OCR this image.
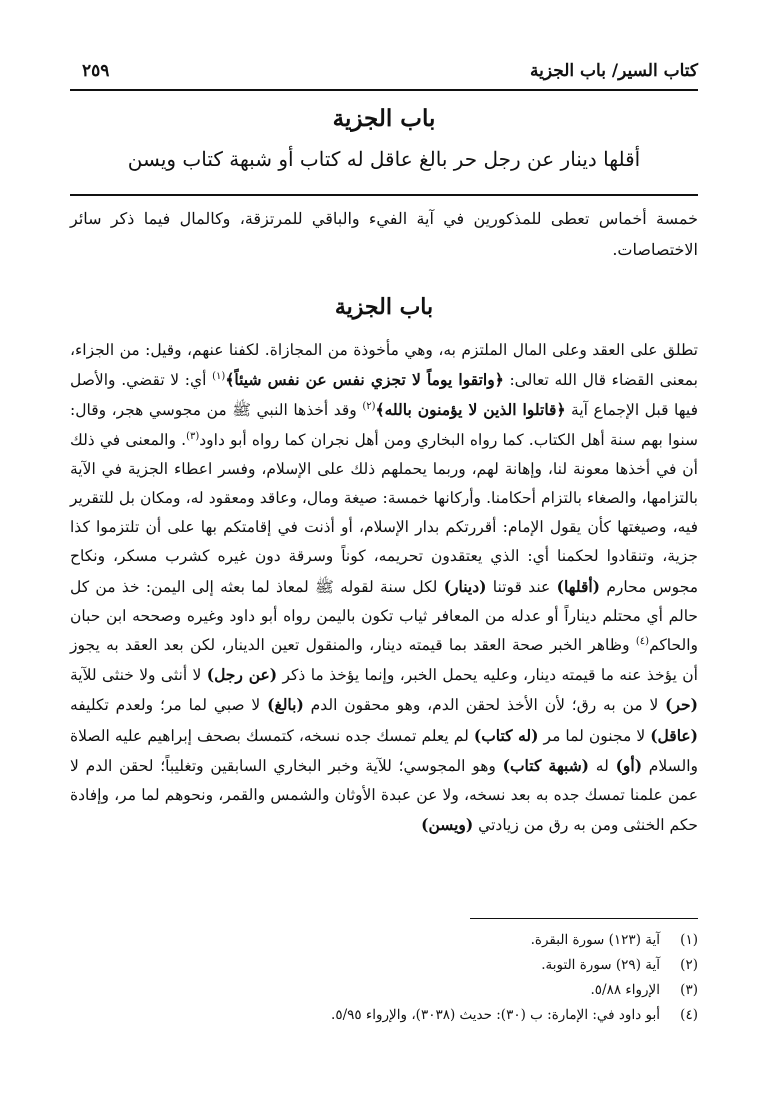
كتاب السير/ باب الجزية
٢٥٩
باب الجزية
أقلها دينار عن رجل حر بالغ عاقل له كتاب أو شبهة كتاب ويسن
خمسة أخماس تعطى للمذكورين في آية الفيء والباقي للمرتزقة، وكالمال فيما ذكر سائر الاختصاصات.
باب الجزية

تطلق على العقد وعلى المال الملتزم به، وهي مأخوذة من المجازاة. لكفنا عنهم، وقيل: من الجزاء، بمعنى القضاء قال الله تعالى: ﴿واتقوا يوماً لا تجزي نفس عن نفس شيئاً﴾$^{(١)}$ أي: لا تقضي. والأصل فيها قبل الإجماع آية ﴿قاتلوا الذين لا يؤمنون بالله﴾$^{(٢)}$ وقد أخذها النبي ﷺ من مجوسي هجر، وقال: سنوا بهم سنة أهل الكتاب. كما رواه البخاري ومن أهل نجران كما رواه أبو داود$^{(٣)}$. والمعنى في ذلك أن في أخذها معونة لنا، وإهانة لهم، وربما يحملهم ذلك على الإسلام، وفسر اعطاء الجزية في الآية بالتزامها، والصغاء بالتزام أحكامنا. وأركانها خمسة: صيغة ومال، وعاقد ومعقود له، ومكان بل للتقرير فيه، وصيغتها كأن يقول الإمام: أقررتكم بدار الإسلام، أو أذنت في إقامتكم بها على أن تلتزموا كذا جزية، وتنقادوا لحكمنا أي: الذي يعتقدون تحريمه، كوناً وسرقة دون غيره كشرب مسكر، ونكاح مجوس محارم (أقلها) عند قوتنا (دينار) لكل سنة لقوله ﷺ لمعاذ لما بعثه إلى اليمن: خذ من كل حالم أي محتلم ديناراً أو عدله من المعافر ثياب تكون باليمن رواه أبو داود وغيره وصححه ابن حبان والحاكم$^{(٤)}$ وظاهر الخبر صحة العقد بما قيمته دينار، والمنقول تعين الدينار، لكن بعد العقد به يجوز أن يؤخذ عنه ما قيمته دينار، وعليه يحمل الخبر، وإنما يؤخذ ما ذكر (عن رجل) لا أنثى ولا خنثى للآية (حر) لا من به رق؛ لأن الأخذ لحقن الدم، وهو محقون الدم (بالغ) لا صبي لما مر؛ ولعدم تكليفه (عاقل) لا مجنون لما مر (له كتاب) لم يعلم تمسك جده نسخه، كتمسك بصحف إبراهيم عليه الصلاة والسلام (أو) له (شبهة كتاب) وهو المجوسي؛ للآية وخبر البخاري السابقين وتغليباً؛ لحقن الدم لا عمن علمنا تمسك جده به بعد نسخه، ولا عن عبدة الأوثان والشمس والقمر، ونحوهم لما مر، وإفادة حكم الخنثى ومن به رق من زيادتي (ويسن)

(١)
آية (١٢٣) سورة البقرة.
(٢)
آية (٢٩) سورة التوبة.
(٣)
الإرواء ٥/٨٨.
(٤)
أبو داود في: الإمارة: ب (٣٠): حديث (٣٠٣٨)، والإرواء ٥/٩٥.
